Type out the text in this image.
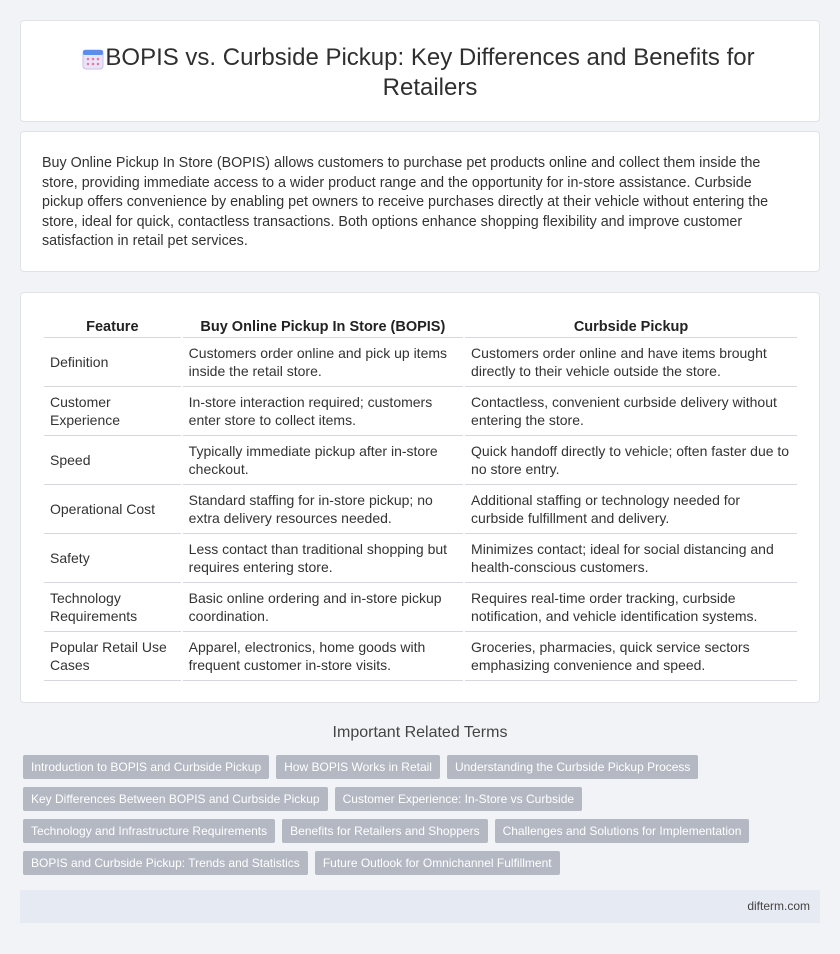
BOPIS vs. Curbside Pickup: Key Differences and Benefits for Retailers

Buy Online Pickup In Store (BOPIS) allows customers to purchase pet products online and collect them inside the store, providing immediate access to a wider product range and the opportunity for in-store assistance. Curbside pickup offers convenience by enabling pet owners to receive purchases directly at their vehicle without entering the store, ideal for quick, contactless transactions. Both options enhance shopping flexibility and improve customer satisfaction in retail pet services.

Feature	Buy Online Pickup In Store (BOPIS)	Curbside Pickup
Definition	Customers order online and pick up items inside the retail store.	Customers order online and have items brought directly to their vehicle outside the store.
Customer Experience	In-store interaction required; customers enter store to collect items.	Contactless, convenient curbside delivery without entering the store.
Speed	Typically immediate pickup after in-store checkout.	Quick handoff directly to vehicle; often faster due to no store entry.
Operational Cost	Standard staffing for in-store pickup; no extra delivery resources needed.	Additional staffing or technology needed for curbside fulfillment and delivery.
Safety	Less contact than traditional shopping but requires entering store.	Minimizes contact; ideal for social distancing and health-conscious customers.
Technology Requirements	Basic online ordering and in-store pickup coordination.	Requires real-time order tracking, curbside notification, and vehicle identification systems.
Popular Retail Use Cases	Apparel, electronics, home goods with frequent customer in-store visits.	Groceries, pharmacies, quick service sectors emphasizing convenience and speed.
Important Related Terms
Introduction to BOPIS and Curbside Pickup	How BOPIS Works in Retail	Understanding the Curbside Pickup Process
Key Differences Between BOPIS and Curbside Pickup	Customer Experience: In-Store vs Curbside
Technology and Infrastructure Requirements	Benefits for Retailers and Shoppers	Challenges and Solutions for Implementation
BOPIS and Curbside Pickup: Trends and Statistics	Future Outlook for Omnichannel Fulfillment
difterm.com
